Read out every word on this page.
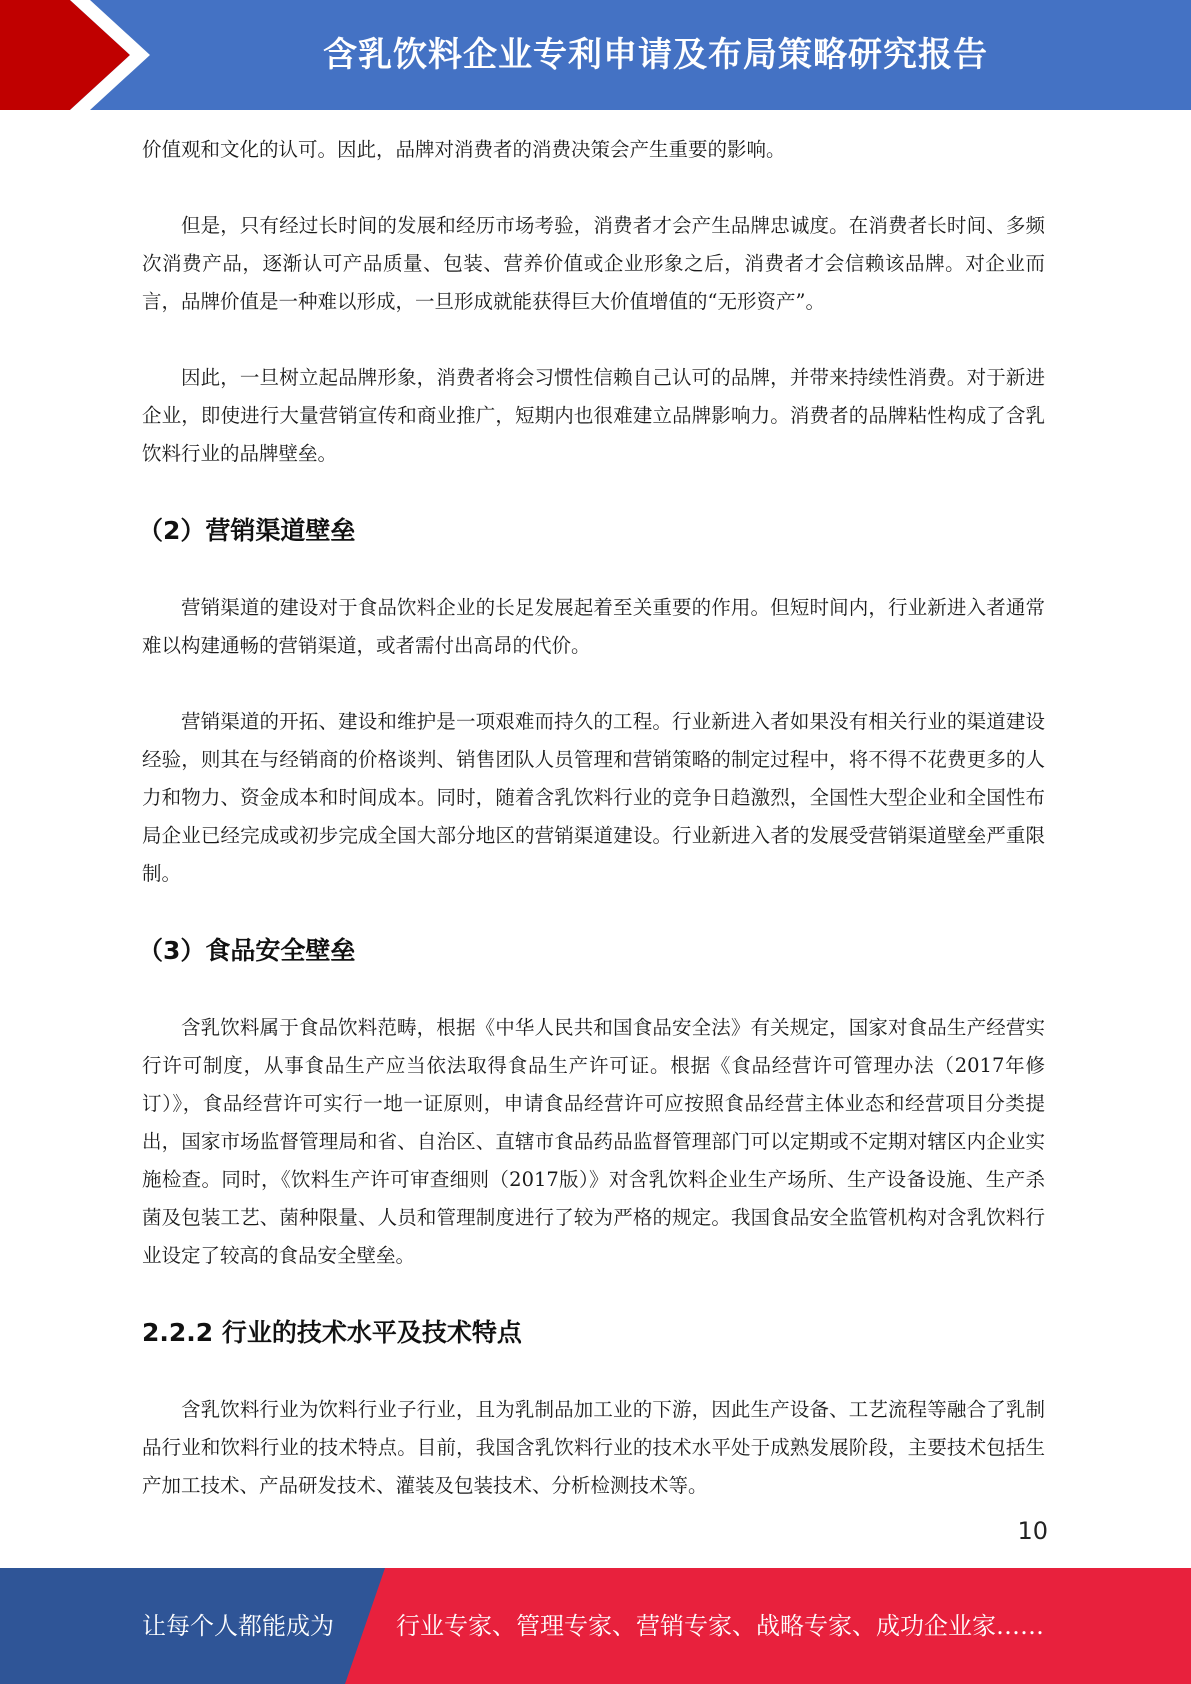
含乳饮料企业专利申请及布局策略研究报告

价值观和文化的认可。因此，品牌对消费者的消费决策会产生重要的影响。

但是，只有经过长时间的发展和经历市场考验，消费者才会产生品牌忠诚度。在消费者长时间、多频次消费产品，逐渐认可产品质量、包装、营养价值或企业形象之后，消费者才会信赖该品牌。对企业而言，品牌价值是一种难以形成，一旦形成就能获得巨大价值增值的“无形资产”。

因此，一旦树立起品牌形象，消费者将会习惯性信赖自己认可的品牌，并带来持续性消费。对于新进企业，即使进行大量营销宣传和商业推广，短期内也很难建立品牌影响力。消费者的品牌粘性构成了含乳饮料行业的品牌壁垒。

（2）营销渠道壁垒

营销渠道的建设对于食品饮料企业的长足发展起着至关重要的作用。但短时间内，行业新进入者通常难以构建通畅的营销渠道，或者需付出高昂的代价。

营销渠道的开拓、建设和维护是一项艰难而持久的工程。行业新进入者如果没有相关行业的渠道建设经验，则其在与经销商的价格谈判、销售团队人员管理和营销策略的制定过程中，将不得不花费更多的人力和物力、资金成本和时间成本。同时，随着含乳饮料行业的竞争日趋激烈，全国性大型企业和全国性布局企业已经完成或初步完成全国大部分地区的营销渠道建设。行业新进入者的发展受营销渠道壁垒严重限制。

（3）食品安全壁垒

含乳饮料属于食品饮料范畴，根据《中华人民共和国食品安全法》有关规定，国家对食品生产经营实行许可制度，从事食品生产应当依法取得食品生产许可证。根据《食品经营许可管理办法（2017年修订）》，食品经营许可实行一地一证原则，申请食品经营许可应按照食品经营主体业态和经营项目分类提出，国家市场监督管理局和省、自治区、直辖市食品药品监督管理部门可以定期或不定期对辖区内企业实施检查。同时，《饮料生产许可审查细则（2017版）》对含乳饮料企业生产场所、生产设备设施、生产杀菌及包装工艺、菌种限量、人员和管理制度进行了较为严格的规定。我国食品安全监管机构对含乳饮料行业设定了较高的食品安全壁垒。

2.2.2 行业的技术水平及技术特点

含乳饮料行业为饮料行业子行业，且为乳制品加工业的下游，因此生产设备、工艺流程等融合了乳制品行业和饮料行业的技术特点。目前，我国含乳饮料行业的技术水平处于成熟发展阶段，主要技术包括生产加工技术、产品研发技术、灌装及包装技术、分析检测技术等。

10
让每个人都能成为	行业专家、管理专家、营销专家、战略专家、成功企业家……
